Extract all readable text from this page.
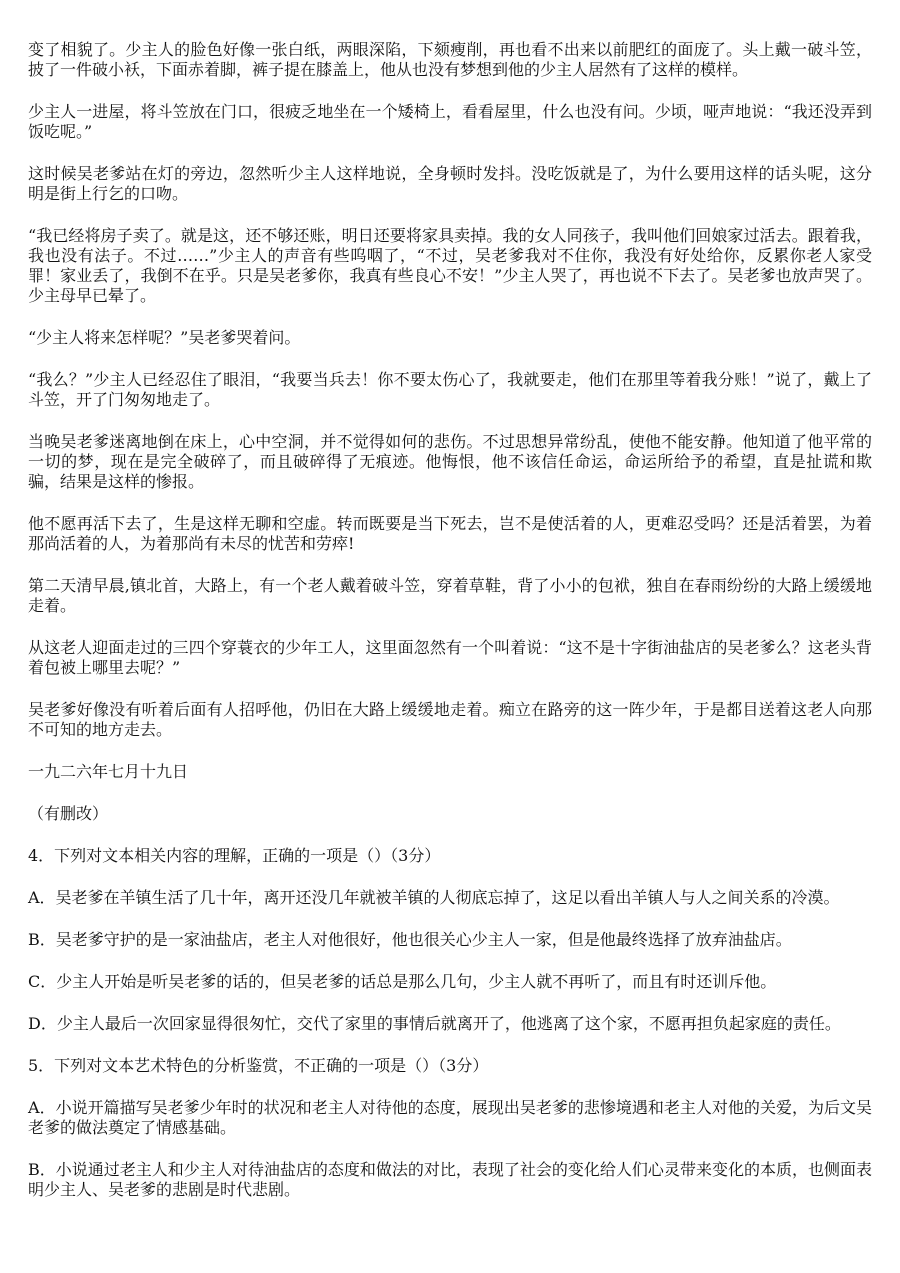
变了相貌了。少主人的脸色好像一张白纸，两眼深陷，下颏瘦削，再也看不出来以前肥红的面庞了。头上戴一破斗笠，披了一件破小袄，下面赤着脚，裤子提在膝盖上，他从也没有梦想到他的少主人居然有了这样的模样。

少主人一进屋，将斗笠放在门口，很疲乏地坐在一个矮椅上，看看屋里，什么也没有问。少顷，哑声地说：“我还没弄到饭吃呢。”

这时候吴老爹站在灯的旁边，忽然听少主人这样地说，全身顿时发抖。没吃饭就是了，为什么要用这样的话头呢，这分明是街上行乞的口吻。

“我已经将房子卖了。就是这，还不够还账，明日还要将家具卖掉。我的女人同孩子，我叫他们回娘家过活去。跟着我，我也没有法子。不过……”少主人的声音有些呜咽了，“不过，吴老爹我对不住你，我没有好处给你，反累你老人家受罪！家业丢了，我倒不在乎。只是吴老爹你，我真有些良心不安！”少主人哭了，再也说不下去了。吴老爹也放声哭了。少主母早已晕了。

“少主人将来怎样呢？”吴老爹哭着问。

“我么？”少主人已经忍住了眼泪，“我要当兵去！你不要太伤心了，我就要走，他们在那里等着我分账！”说了，戴上了斗笠，开了门匆匆地走了。

当晚吴老爹迷离地倒在床上，心中空洞，并不觉得如何的悲伤。不过思想异常纷乱，使他不能安静。他知道了他平常的一切的梦，现在是完全破碎了，而且破碎得了无痕迹。他悔恨，他不该信任命运，命运所给予的希望，直是扯谎和欺骗，结果是这样的惨报。

他不愿再活下去了，生是这样无聊和空虚。转而既要是当下死去，岂不是使活着的人，更难忍受吗？还是活着罢，为着那尚活着的人，为着那尚有未尽的忧苦和劳瘁!

第二天清早晨,镇北首，大路上，有一个老人戴着破斗笠，穿着草鞋，背了小小的包袱，独自在春雨纷纷的大路上缓缓地走着。

从这老人迎面走过的三四个穿蓑衣的少年工人，这里面忽然有一个叫着说：“这不是十字街油盐店的吴老爹么？这老头背着包被上哪里去呢？”

吴老爹好像没有听着后面有人招呼他，仍旧在大路上缓缓地走着。痴立在路旁的这一阵少年，于是都目送着这老人向那不可知的地方走去。

一九二六年七月十九日

（有删改）

4．下列对文本相关内容的理解，正确的一项是（）（3分）

A．吴老爹在羊镇生活了几十年，离开还没几年就被羊镇的人彻底忘掉了，这足以看出羊镇人与人之间关系的冷漠。

B．吴老爹守护的是一家油盐店，老主人对他很好，他也很关心少主人一家，但是他最终选择了放弃油盐店。

C．少主人开始是听吴老爹的话的，但吴老爹的话总是那么几句，少主人就不再听了，而且有时还训斥他。

D．少主人最后一次回家显得很匆忙，交代了家里的事情后就离开了，他逃离了这个家，不愿再担负起家庭的责任。

5．下列对文本艺术特色的分析鉴赏，不正确的一项是（）（3分）

A．小说开篇描写吴老爹少年时的状况和老主人对待他的态度，展现出吴老爹的悲惨境遇和老主人对他的关爱，为后文吴老爹的做法奠定了情感基础。

B．小说通过老主人和少主人对待油盐店的态度和做法的对比，表现了社会的变化给人们心灵带来变化的本质，也侧面表明少主人、吴老爹的悲剧是时代悲剧。
